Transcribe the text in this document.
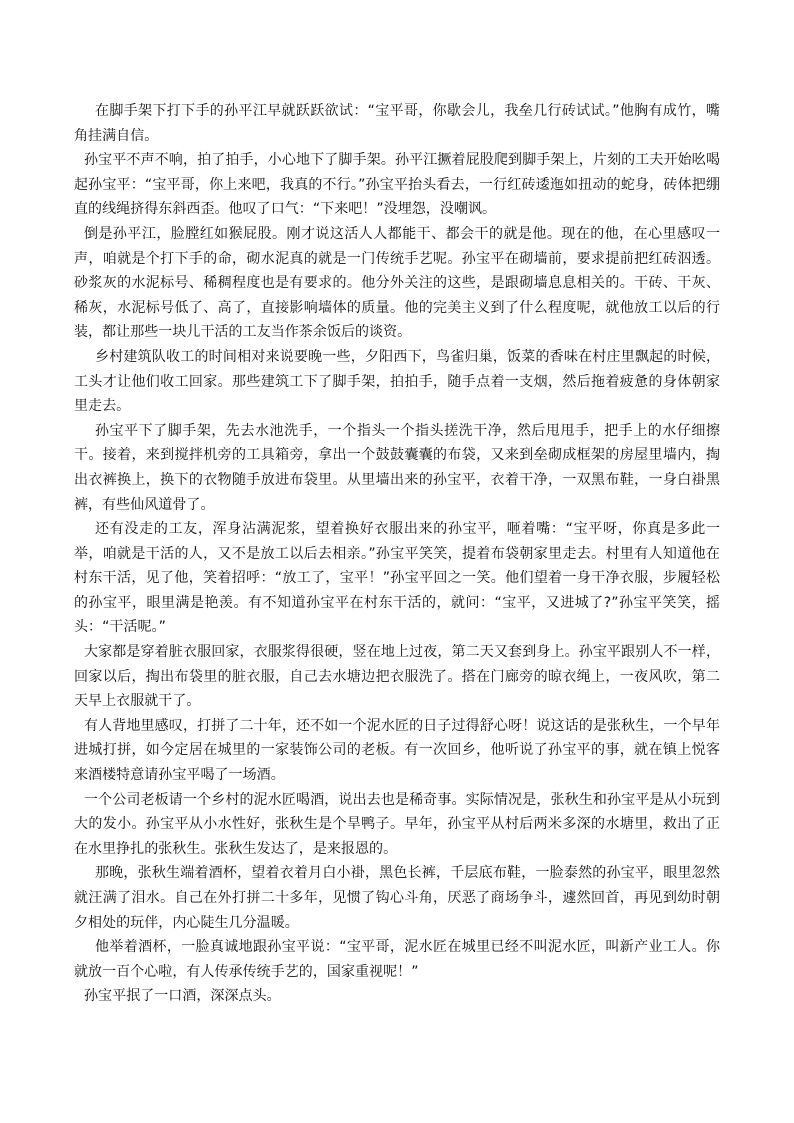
在脚手架下打下手的孙平江早就跃跃欲试：“宝平哥，你歇会儿，我垒几行砖试试。”他胸有成竹，嘴角挂满自信。

孙宝平不声不响，拍了拍手，小心地下了脚手架。孙平江撅着屁股爬到脚手架上，片刻的工夫开始吆喝起孙宝平：“宝平哥，你上来吧，我真的不行。”孙宝平抬头看去，一行红砖逶迤如扭动的蛇身，砖体把绷直的线绳挤得东斜西歪。他叹了口气：“下来吧！”没埋怨，没嘲讽。

倒是孙平江，脸膛红如猴屁股。刚才说这活人人都能干、都会干的就是他。现在的他，在心里感叹一声，咱就是个打下手的命，砌水泥真的就是一门传统手艺呢。孙宝平在砌墙前，要求提前把红砖泅透。砂浆灰的水泥标号、稀稠程度也是有要求的。他分外关注的这些，是跟砌墙息息相关的。干砖、干灰、稀灰，水泥标号低了、高了，直接影响墙体的质量。他的完美主义到了什么程度呢，就他放工以后的行装，都让那些一块儿干活的工友当作茶余饭后的谈资。

乡村建筑队收工的时间相对来说要晚一些，夕阳西下，鸟雀归巢，饭菜的香味在村庄里飘起的时候，工头才让他们收工回家。那些建筑工下了脚手架，拍拍手，随手点着一支烟，然后拖着疲惫的身体朝家里走去。

孙宝平下了脚手架，先去水池洗手，一个指头一个指头搓洗干净，然后甩甩手，把手上的水仔细擦干。接着，来到搅拌机旁的工具箱旁，拿出一个鼓鼓囊囊的布袋，又来到垒砌成框架的房屋里墙内，掏出衣裤换上，换下的衣物随手放进布袋里。从里墙出来的孙宝平，衣着干净，一双黑布鞋，一身白褂黑裤，有些仙风道骨了。

还有没走的工友，浑身沾满泥浆，望着换好衣服出来的孙宝平，咂着嘴：“宝平呀，你真是多此一举，咱就是干活的人，又不是放工以后去相亲。”孙宝平笑笑，提着布袋朝家里走去。村里有人知道他在村东干活，见了他，笑着招呼：“放工了，宝平！”孙宝平回之一笑。他们望着一身干净衣服，步履轻松的孙宝平，眼里满是艳羡。有不知道孙宝平在村东干活的，就问：“宝平，又进城了?”孙宝平笑笑，摇头：“干活呢。”

大家都是穿着脏衣服回家，衣服浆得很硬，竖在地上过夜，第二天又套到身上。孙宝平跟别人不一样，回家以后，掏出布袋里的脏衣服，自己去水塘边把衣服洗了。搭在门廊旁的晾衣绳上，一夜风吹，第二天早上衣服就干了。

有人背地里感叹，打拼了二十年，还不如一个泥水匠的日子过得舒心呀！说这话的是张秋生，一个早年进城打拼，如今定居在城里的一家装饰公司的老板。有一次回乡，他听说了孙宝平的事，就在镇上悦客来酒楼特意请孙宝平喝了一场酒。

一个公司老板请一个乡村的泥水匠喝酒，说出去也是稀奇事。实际情况是，张秋生和孙宝平是从小玩到大的发小。孙宝平从小水性好，张秋生是个旱鸭子。早年，孙宝平从村后两米多深的水塘里，救出了正在水里挣扎的张秋生。张秋生发达了，是来报恩的。

那晚，张秋生端着酒杯，望着衣着月白小褂，黑色长裤，千层底布鞋，一脸泰然的孙宝平，眼里忽然就汪满了泪水。自己在外打拼二十多年，见惯了钩心斗角，厌恶了商场争斗，遽然回首，再见到幼时朝夕相处的玩伴，内心陡生几分温暖。

他举着酒杯，一脸真诚地跟孙宝平说：“宝平哥，泥水匠在城里已经不叫泥水匠，叫新产业工人。你就放一百个心啦，有人传承传统手艺的，国家重视呢！”

孙宝平抿了一口酒，深深点头。
